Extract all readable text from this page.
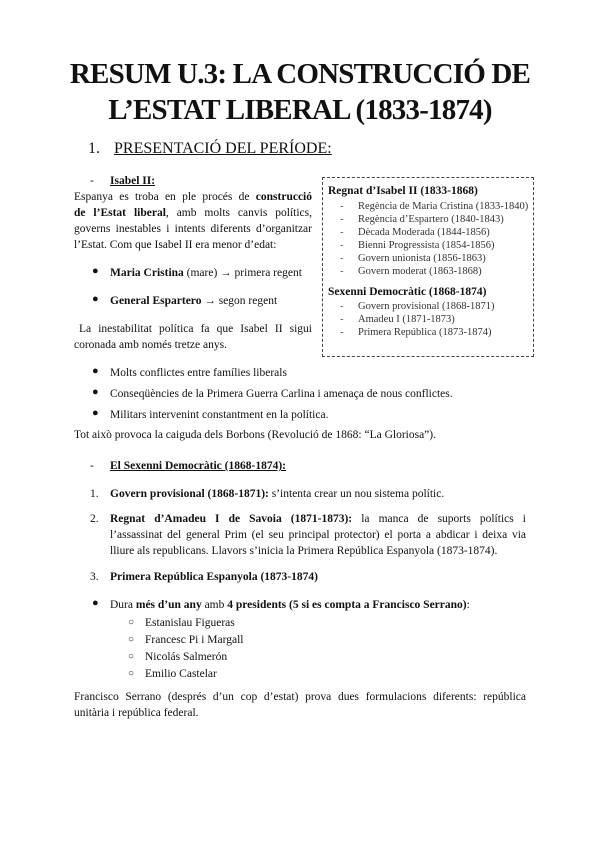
RESUM U.3: LA CONSTRUCCIÓ DE
L’ESTAT LIBERAL (1833-1874)
1. PRESENTACIÓ DEL PERÍODE:
- Isabel II:
Espanya es troba en ple procés de construcció
de l’Estat liberal, amb molts canvis polítics,
governs inestables i intents diferents d’organitzar
l’Estat. Com que Isabel II era menor d’edat:
● Maria Cristina (mare) → primera regent
● General Espartero → segon regent
La inestabilitat política fa que Isabel II sigui
coronada amb només tretze anys.
Regnat d’Isabel II (1833-1868)
- Regència de Maria Cristina (1833-1840)
- Regència d’Espartero (1840-1843)
- Dècada Moderada (1844-1856)
- Bienni Progressista (1854-1856)
- Govern unionista (1856-1863)
- Govern moderat (1863-1868)
Sexenni Democràtic (1868-1874)
- Govern provisional (1868-1871)
- Amadeu I (1871-1873)
- Primera República (1873-1874)
● Molts conflictes entre famílies liberals
● Conseqüències de la Primera Guerra Carlina i amenaça de nous conflictes.
● Militars intervenint constantment en la política.
Tot això provoca la caiguda dels Borbons (Revolució de 1868: “La Gloriosa”).
- El Sexenni Democràtic (1868-1874):
1. Govern provisional (1868-1871): s’intenta crear un nou sistema polític.
2. Regnat d’Amadeu I de Savoia (1871-1873): la manca de suports polítics i
l’assassinat del general Prim (el seu principal protector) el porta a abdicar i deixa via
lliure als republicans. Llavors s’inicia la Primera República Espanyola (1873-1874).
3. Primera República Espanyola (1873-1874)
● Dura més d’un any amb 4 presidents (5 si es compta a Francisco Serrano):
○ Estanislau Figueras
○ Francesc Pi i Margall
○ Nicolás Salmerón
○ Emilio Castelar
Francisco Serrano (després d’un cop d’estat) prova dues formulacions diferents: república
unitària i república federal.
